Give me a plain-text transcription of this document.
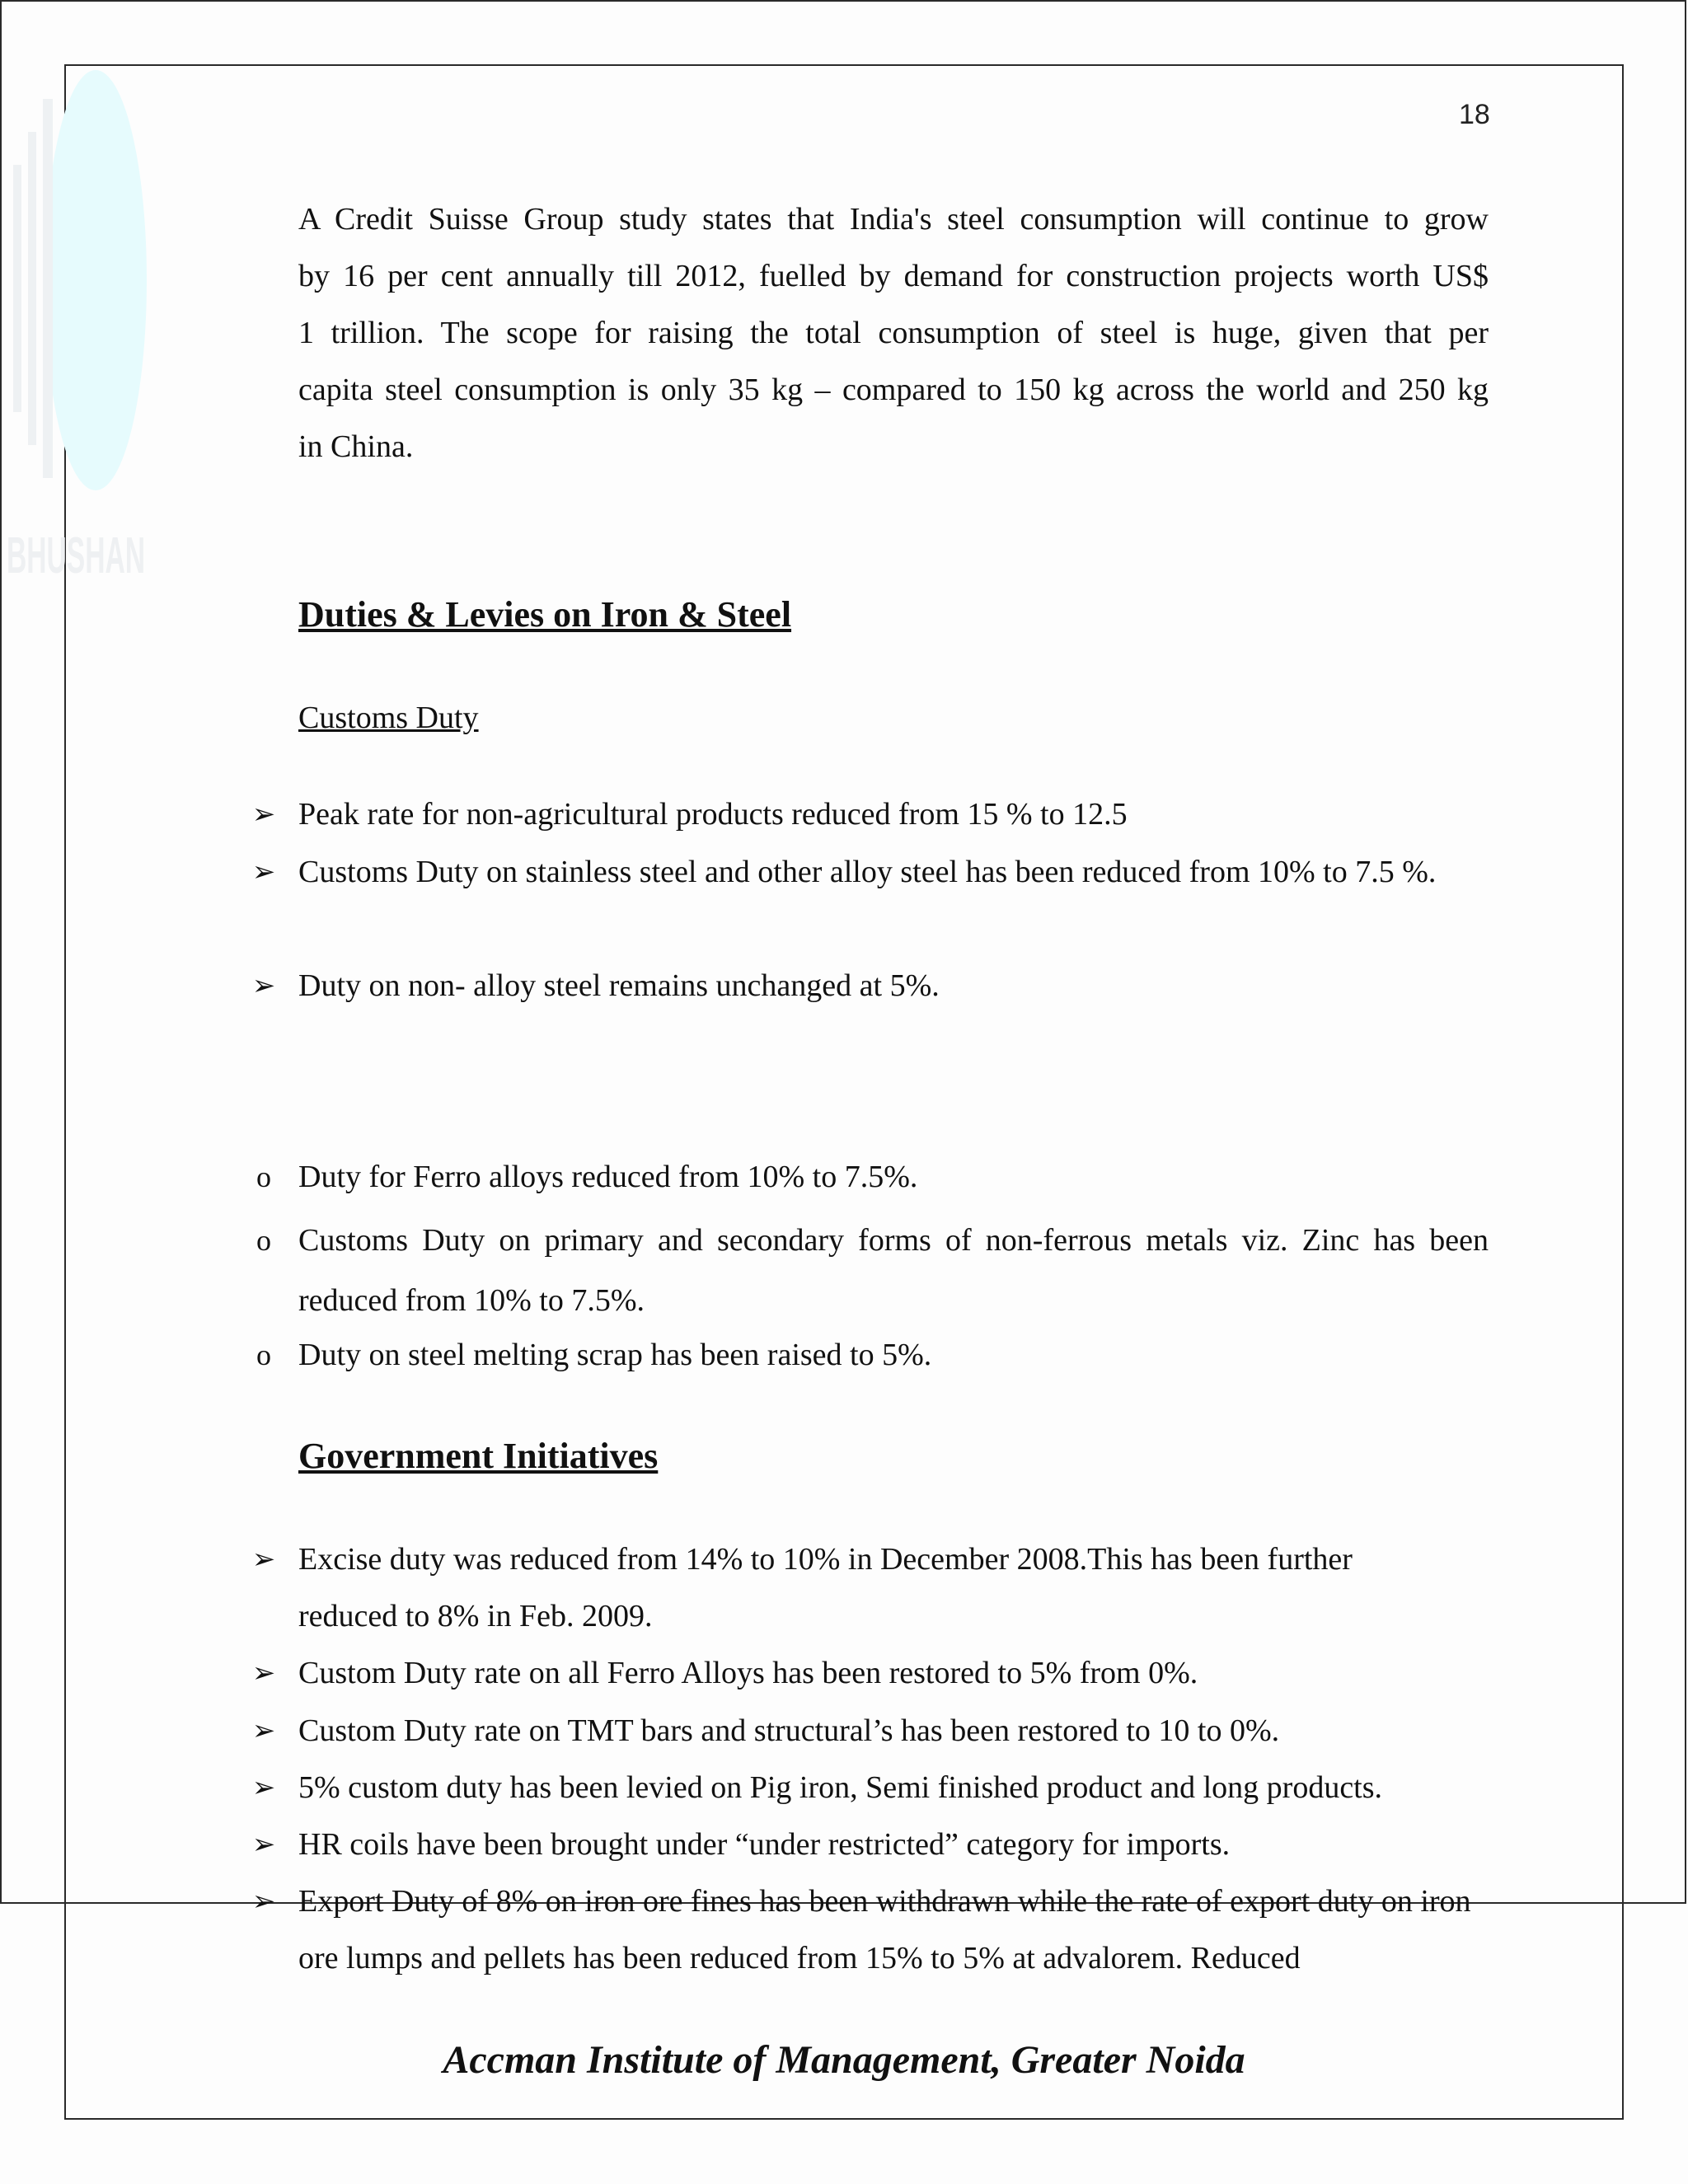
BHUSHAN
18
A Credit Suisse Group study states that India's steel consumption will continue to grow
by 16 per cent annually till 2012, fuelled by demand for construction projects worth US$
1 trillion. The scope for raising the total consumption of steel is huge, given that per
capita steel consumption is only 35 kg – compared to 150 kg across the world and 250 kg
in China.
Duties & Levies on Iron & Steel
Customs Duty
➢ Peak rate for non-agricultural products reduced from 15 % to 12.5
➢ Customs Duty on stainless steel and other alloy steel has been reduced from 10% to 7.5 %.
➢ Duty on non- alloy steel remains unchanged at 5%.
o Duty for Ferro alloys reduced from 10% to 7.5%.
o Customs Duty on primary and secondary forms of non-ferrous metals viz. Zinc has been reduced from 10% to 7.5%.
o Duty on steel melting scrap has been raised to 5%.
Government Initiatives
➢ Excise duty was reduced from 14% to 10% in December 2008.This has been further reduced to 8% in Feb. 2009.
➢ Custom Duty rate on all Ferro Alloys has been restored to 5% from 0%.
➢ Custom Duty rate on TMT bars and structural’s has been restored to 10 to 0%.
➢ 5% custom duty has been levied on Pig iron, Semi finished product and long products.
➢ HR coils have been brought under “under restricted” category for imports.
➢ Export Duty of 8% on iron ore fines has been withdrawn while the rate of export duty on iron ore lumps and pellets has been reduced from 15% to 5% at advalorem. Reduced
Accman Institute of Management, Greater Noida
